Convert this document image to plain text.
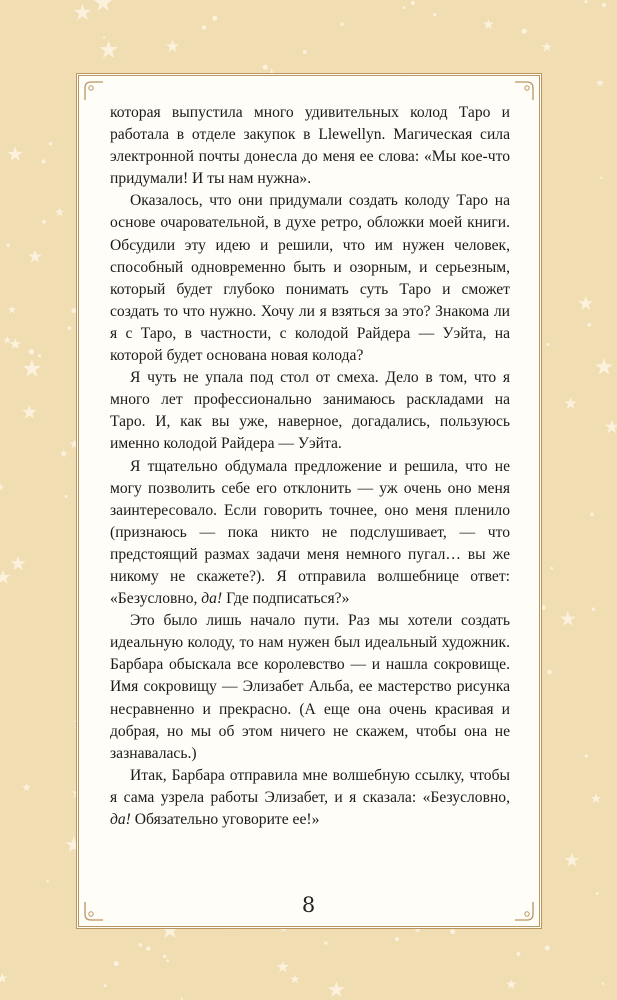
8

которая выпустила много удивительных колод Таро и работала в отделе закупок в Llewellyn. Магическая сила электронной почты донесла до меня ее слова: «Мы кое-что придумали! И ты нам нужна».

Оказалось, что они придумали создать колоду Таро на основе очаровательной, в духе ретро, обложки моей книги. Обсудили эту идею и решили, что им нужен человек, способный одновременно быть и озорным, и серьезным, который будет глубоко понимать суть Таро и сможет создать то что нужно. Хочу ли я взяться за это? Знакома ли я с Таро, в частности, с колодой Райдера — Уэйта, на которой будет основана новая колода?

Я чуть не упала под стол от смеха. Дело в том, что я много лет профессионально занимаюсь раскладами на Таро. И, как вы уже, наверное, догадались, пользуюсь именно колодой Райдера — Уэйта.

Я тщательно обдумала предложение и решила, что не могу позволить себе его отклонить — уж очень оно меня заинтересовало. Если говорить точнее, оно меня пленило (признаюсь — пока никто не подслушивает, — что предстоящий размах задачи меня немного пугал… вы же никому не скажете?). Я отправила волшебнице ответ: «Безусловно, да! Где подписаться?»

Это было лишь начало пути. Раз мы хотели создать идеальную колоду, то нам нужен был идеальный художник. Барбара обыскала все королевство — и нашла сокровище. Имя сокровищу — Элизабет Альба, ее мастерство рисунка несравненно и прекрасно. (А еще она очень красивая и добрая, но мы об этом ничего не скажем, чтобы она не зазнавалась.)

Итак, Барбара отправила мне волшебную ссылку, чтобы я сама узрела работы Элизабет, и я сказала: «Безусловно, да! Обязательно уговорите ее!»
